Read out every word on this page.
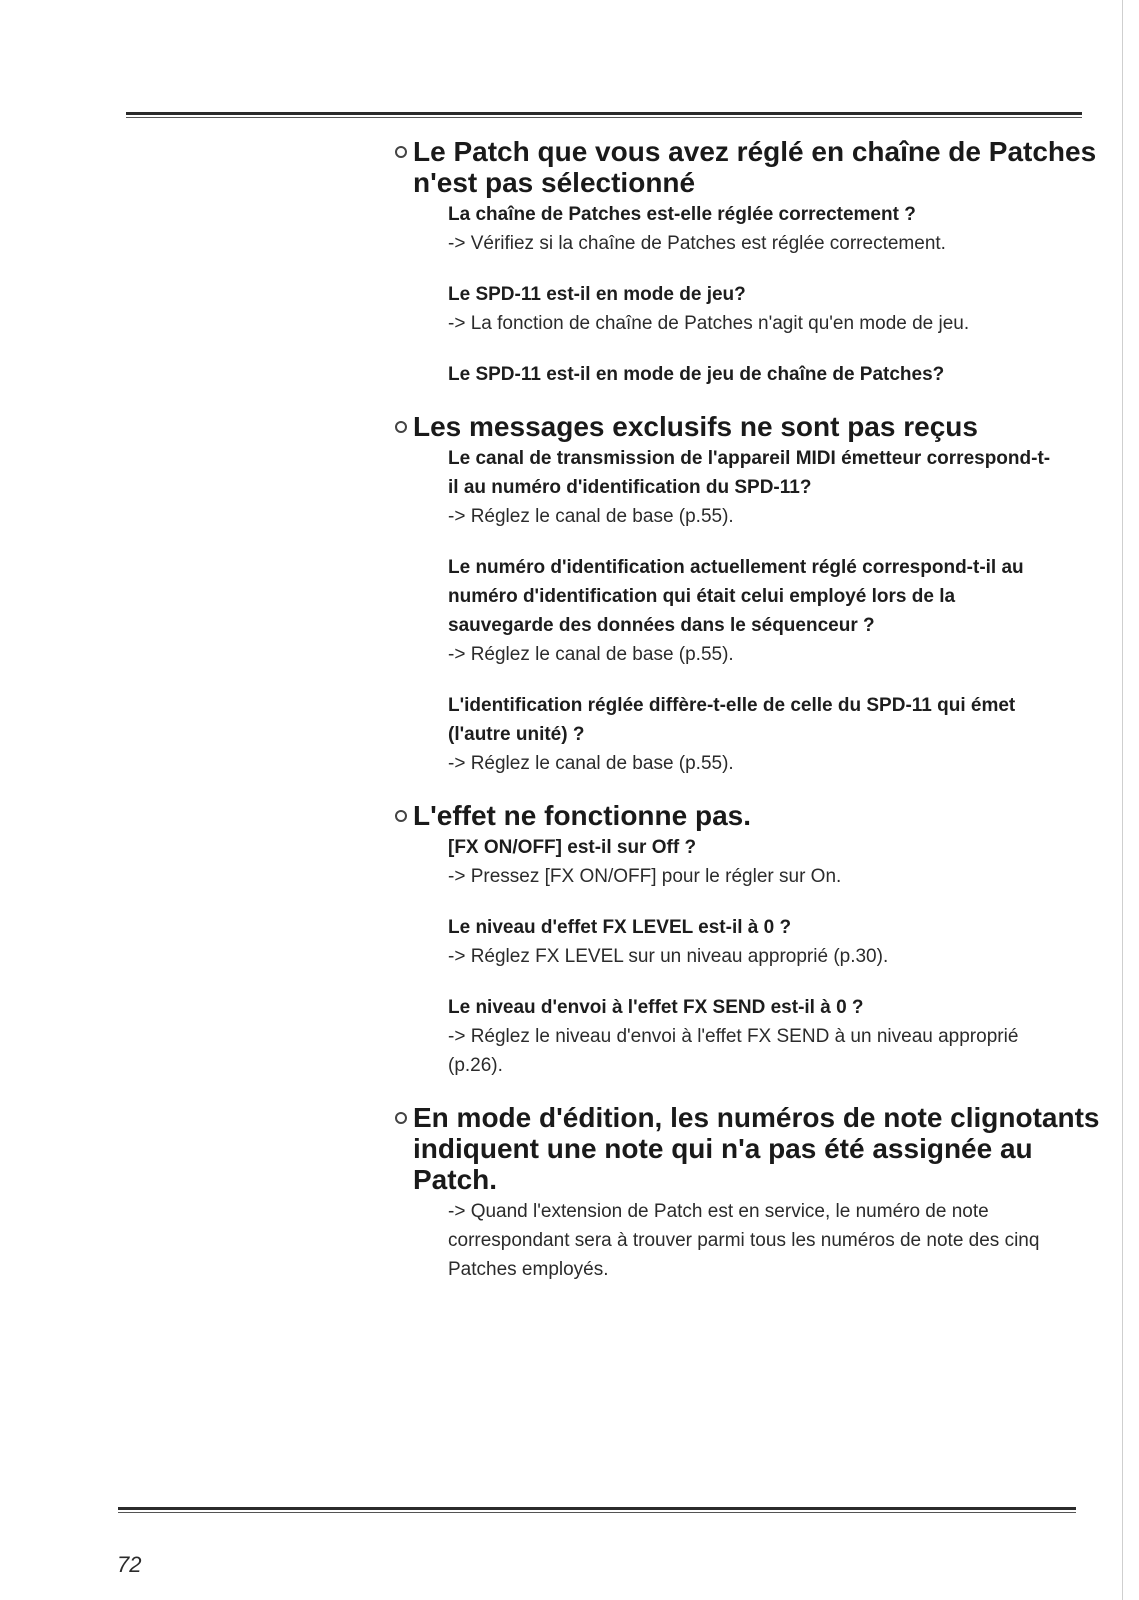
Le Patch que vous avez réglé en chaîne de Patches n'est pas sélectionné

La chaîne de Patches est-elle réglée correctement ?

-> Vérifiez si la chaîne de Patches est réglée correctement.

Le SPD-11 est-il en mode de jeu?

-> La fonction de chaîne de Patches n'agit qu'en mode de jeu.

Le SPD-11 est-il en mode de jeu de chaîne de Patches?

Les messages exclusifs ne sont pas reçus

Le canal de transmission de l'appareil MIDI émetteur correspond-t-il au numéro d'identification du SPD-11?

-> Réglez le canal de base (p.55).

Le numéro d'identification actuellement réglé correspond-t-il au numéro d'identification qui était celui employé lors de la sauvegarde des données dans le séquenceur ?

-> Réglez le canal de base (p.55).

L'identification réglée diffère-t-elle de celle du SPD-11 qui émet (l'autre unité) ?

-> Réglez le canal de base (p.55).

L'effet ne fonctionne pas.

[FX ON/OFF] est-il sur Off ?

-> Pressez [FX ON/OFF] pour le régler sur On.

Le niveau d'effet FX LEVEL est-il à 0 ?

-> Réglez FX LEVEL sur un niveau approprié (p.30).

Le niveau d'envoi à l'effet FX SEND est-il à 0 ?

-> Réglez le niveau d'envoi à l'effet FX SEND à un niveau approprié (p.26).

En mode d'édition, les numéros de note clignotants indiquent une note qui n'a pas été assignée au Patch.

-> Quand l'extension de Patch est en service, le numéro de note correspondant sera à trouver parmi tous les numéros de note des cinq Patches employés.

72
